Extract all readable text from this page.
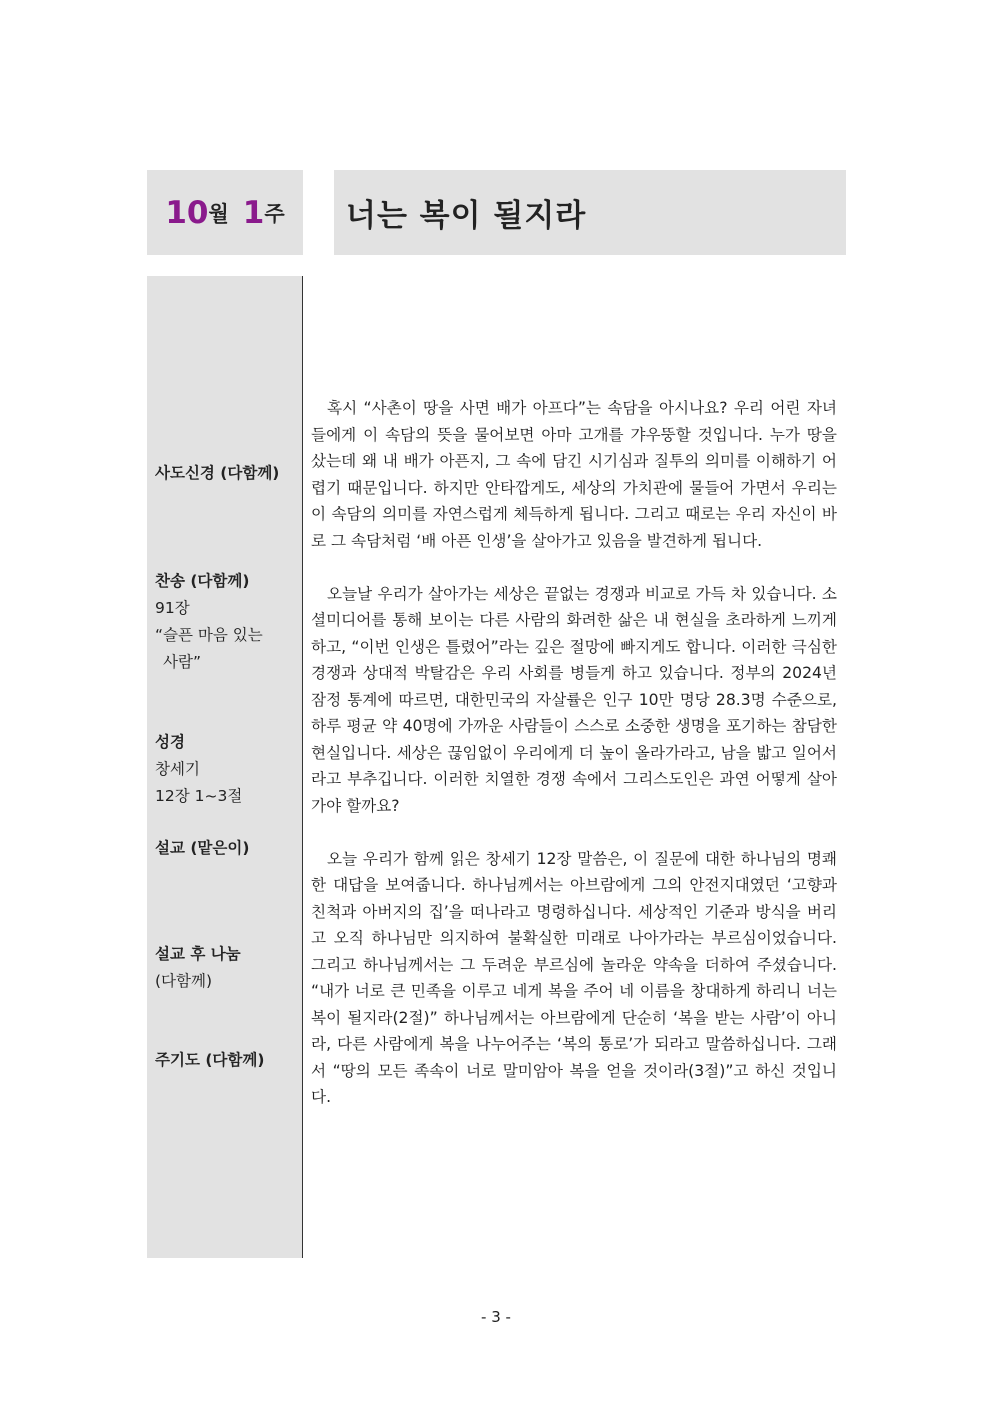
10 월 1 주 너는 복이 될지라
사도신경 (다함께)
찬송 (다함께)
91장
“슬픈 마음 있는
사람”
성경
창세기
12장 1~3절
설교 (맡은이)
설교 후 나눔
(다함께)
주기도 (다함께)

혹시 “사촌이 땅을 사면 배가 아프다”는 속담을 아시나요? 우리 어린 자녀들에게 이 속담의 뜻을 물어보면 아마 고개를 갸우뚱할 것입니다. 누가 땅을 샀는데 왜 내 배가 아픈지, 그 속에 담긴 시기심과 질투의 의미를 이해하기 어렵기 때문입니다. 하지만 안타깝게도, 세상의 가치관에 물들어 가면서 우리는 이 속담의 의미를 자연스럽게 체득하게 됩니다. 그리고 때로는 우리 자신이 바로 그 속담처럼 ‘배 아픈 인생’을 살아가고 있음을 발견하게 됩니다.

오늘날 우리가 살아가는 세상은 끝없는 경쟁과 비교로 가득 차 있습니다. 소셜미디어를 통해 보이는 다른 사람의 화려한 삶은 내 현실을 초라하게 느끼게 하고, “이번 인생은 틀렸어”라는 깊은 절망에 빠지게도 합니다. 이러한 극심한 경쟁과 상대적 박탈감은 우리 사회를 병들게 하고 있습니다. 정부의 2024년 잠정 통계에 따르면, 대한민국의 자살률은 인구 10만 명당 28.3명 수준으로, 하루 평균 약 40명에 가까운 사람들이 스스로 소중한 생명을 포기하는 참담한 현실입니다. 세상은 끊임없이 우리에게 더 높이 올라가라고, 남을 밟고 일어서라고 부추깁니다. 이러한 치열한 경쟁 속에서 그리스도인은 과연 어떻게 살아가야 할까요?

오늘 우리가 함께 읽은 창세기 12장 말씀은, 이 질문에 대한 하나님의 명쾌한 대답을 보여줍니다. 하나님께서는 아브람에게 그의 안전지대였던 ‘고향과 친척과 아버지의 집’을 떠나라고 명령하십니다. 세상적인 기준과 방식을 버리고 오직 하나님만 의지하여 불확실한 미래로 나아가라는 부르심이었습니다. 그리고 하나님께서는 그 두려운 부르심에 놀라운 약속을 더하여 주셨습니다. “내가 너로 큰 민족을 이루고 네게 복을 주어 네 이름을 창대하게 하리니 너는 복이 될지라(2절)” 하나님께서는 아브람에게 단순히 ‘복을 받는 사람’이 아니라, 다른 사람에게 복을 나누어주는 ‘복의 통로’가 되라고 말씀하십니다. 그래서 “땅의 모든 족속이 너로 말미암아 복을 얻을 것이라(3절)”고 하신 것입니다.

- 3 -
